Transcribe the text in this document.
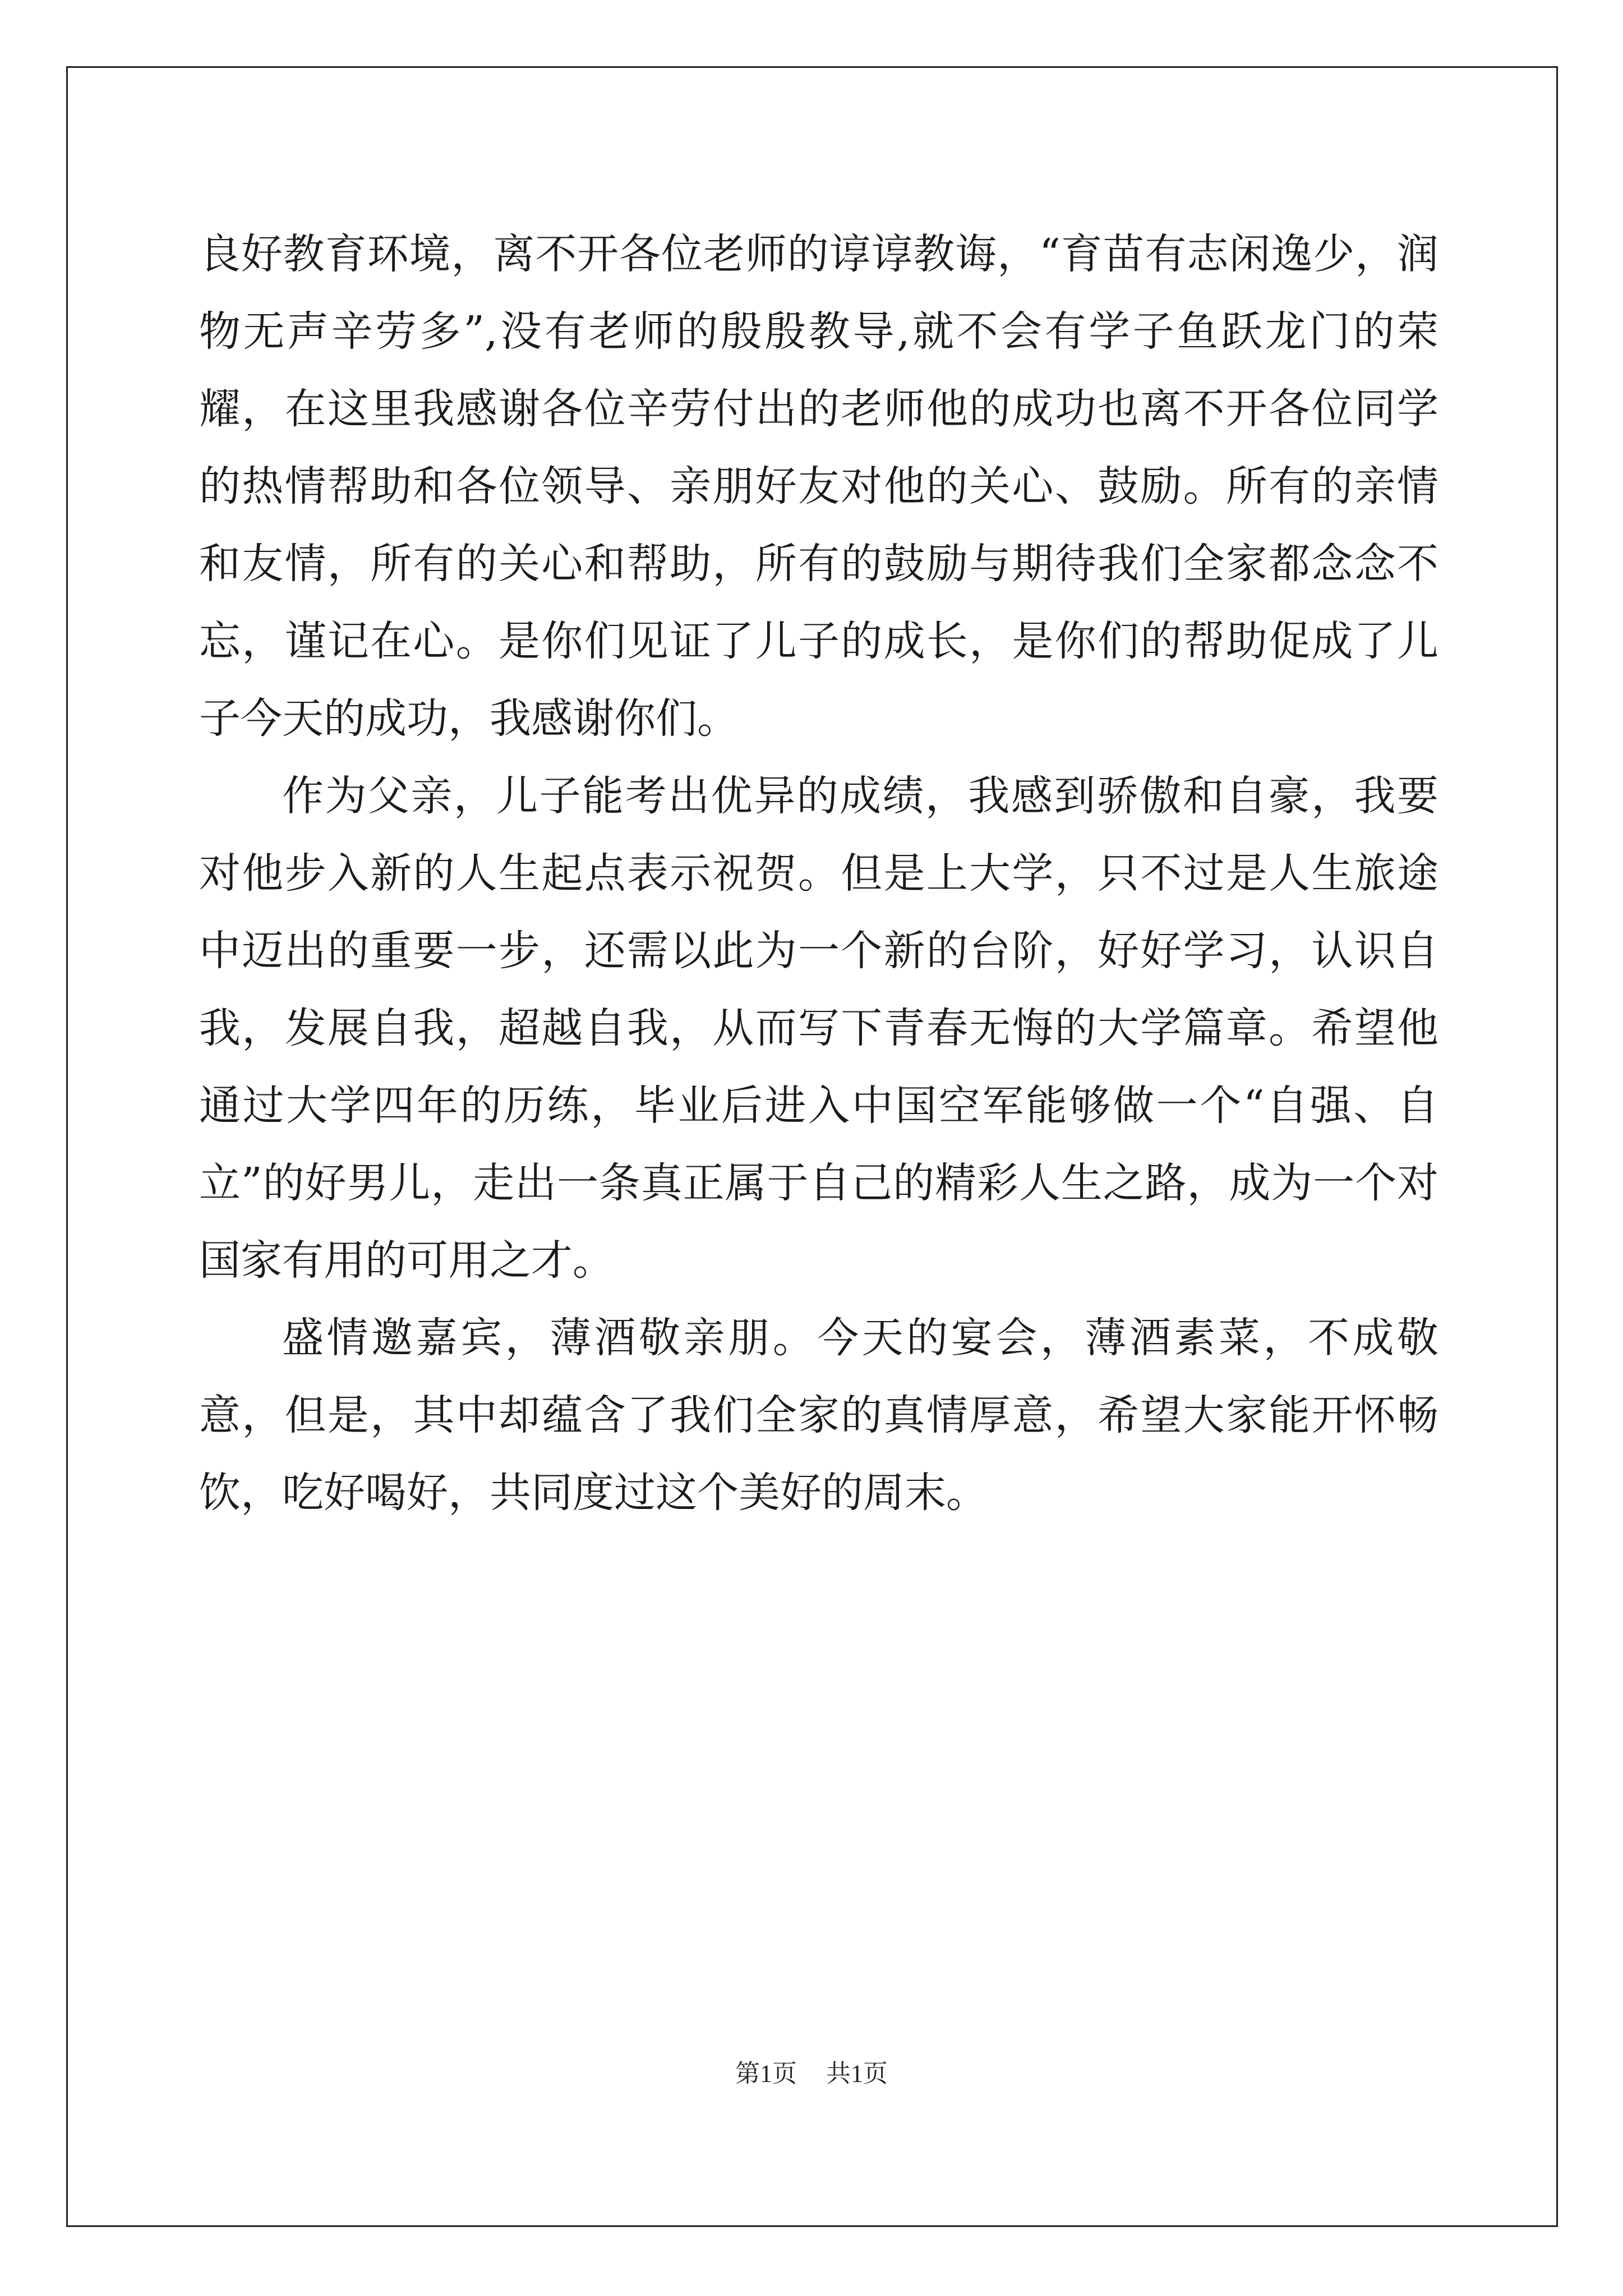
良好教育环境，离不开各位老师的谆谆教诲，“育苗有志闲逸少，润物无声辛劳多”,没有老师的殷殷教导,就不会有学子鱼跃龙门的荣耀，在这里我感谢各位辛劳付出的老师他的成功也离不开各位同学的热情帮助和各位领导、亲朋好友对他的关心、鼓励。所有的亲情和友情，所有的关心和帮助，所有的鼓励与期待我们全家都念念不忘，谨记在心。是你们见证了儿子的成长，是你们的帮助促成了儿子今天的成功，我感谢你们。

作为父亲，儿子能考出优异的成绩，我感到骄傲和自豪，我要对他步入新的人生起点表示祝贺。但是上大学，只不过是人生旅途中迈出的重要一步，还需以此为一个新的台阶，好好学习，认识自我，发展自我，超越自我，从而写下青春无悔的大学篇章。希望他通过大学四年的历练，毕业后进入中国空军能够做一个“自强、自立”的好男儿，走出一条真正属于自己的精彩人生之路，成为一个对国家有用的可用之才。

盛情邀嘉宾，薄酒敬亲朋。今天的宴会，薄酒素菜，不成敬意，但是，其中却蕴含了我们全家的真情厚意，希望大家能开怀畅饮，吃好喝好，共同度过这个美好的周末。

第1页 共1页
